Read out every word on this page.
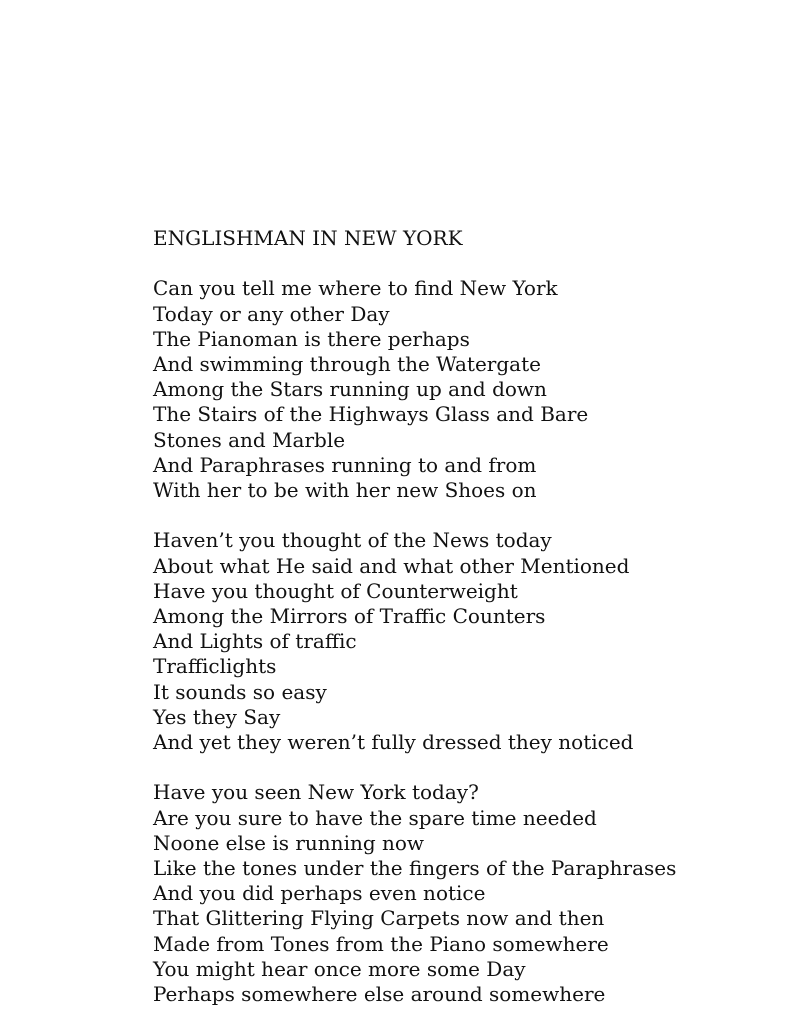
ENGLISHMAN IN NEW YORK
Can you tell me where to find New York
Today or any other Day
The Pianoman is there perhaps
And swimming through the Watergate
Among the Stars running up and down
The Stairs of the Highways Glass and Bare
Stones and Marble
And Paraphrases running to and from
With her to be with her new Shoes on
Haven’t you thought of the News today
About what He said and what other Mentioned
Have you thought of Counterweight
Among the Mirrors of Traffic Counters
And Lights of traffic
Trafficlights
It sounds so easy
Yes they Say
And yet they weren’t fully dressed they noticed
Have you seen New York today?
Are you sure to have the spare time needed
Noone else is running now
Like the tones under the fingers of the Paraphrases
And you did perhaps even notice
That Glittering Flying Carpets now and then
Made from Tones from the Piano somewhere
You might hear once more some Day
Perhaps somewhere else around somewhere
